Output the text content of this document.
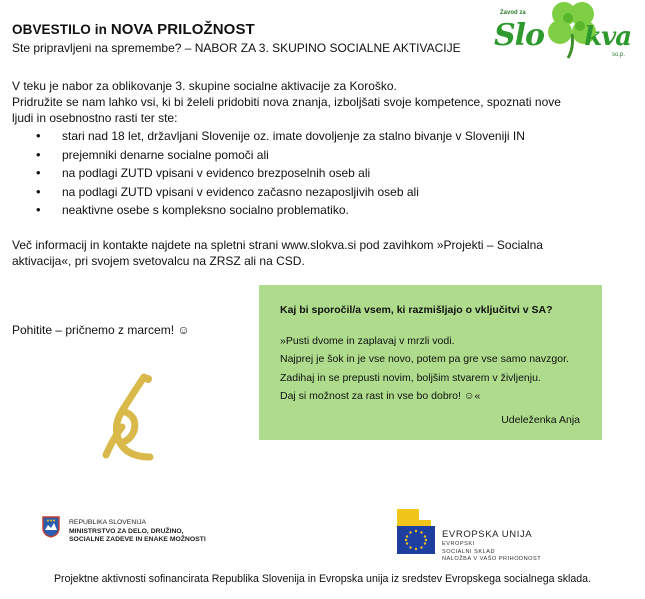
OBVESTILO in NOVA PRILOŽNOST
Ste pripravljeni na spremembe? – NABOR ZA 3. SKUPINO SOCIALNE AKTIVACIJE
Zavod za
Slo kva
so.p.
V teku je nabor za oblikovanje 3. skupine socialne aktivacije za Koroško.
Pridružite se nam lahko vsi, ki bi želeli pridobiti nova znanja, izboljšati svoje kompetence, spoznati nove
ljudi in osebnostno rasti ter ste:
• stari nad 18 let, državljani Slovenije oz. imate dovoljenje za stalno bivanje v Sloveniji IN
• prejemniki denarne socialne pomoči ali
• na podlagi ZUTD vpisani v evidenco brezposelnih oseb ali
• na podlagi ZUTD vpisani v evidenco začasno nezaposljivih oseb ali
• neaktivne osebe s kompleksno socialno problematiko.
Več informacij in kontakte najdete na spletni strani www.slokva.si pod zavihkom »Projekti – Socialna
aktivacija«, pri svojem svetovalcu na ZRSZ ali na CSD.
Pohitite – pričnemo z marcem! ☺
Kaj bi sporočil/a vsem, ki razmišljajo o vključitvi v SA?
»Pusti dvome in zaplavaj v mrzli vodi.
Najprej je šok in je vse novo, potem pa gre vse samo navzgor.
Zadihaj in se prepusti novim, boljšim stvarem v življenju.
Daj si možnost za rast in vse bo dobro! ☺«
Udeleženka Anja
REPUBLIKA SLOVENIJA
MINISTRSTVO ZA DELO, DRUŽINO,
SOCIALNE ZADEVE IN ENAKE MOŽNOSTI	EVROPSKA UNIJA
EVROPSKI
SOCIALNI SKLAD
NALOŽBA V VAŠO PRIHODNOST
Projektne aktivnosti sofinancirata Republika Slovenija in Evropska unija iz sredstev Evropskega socialnega sklada.
